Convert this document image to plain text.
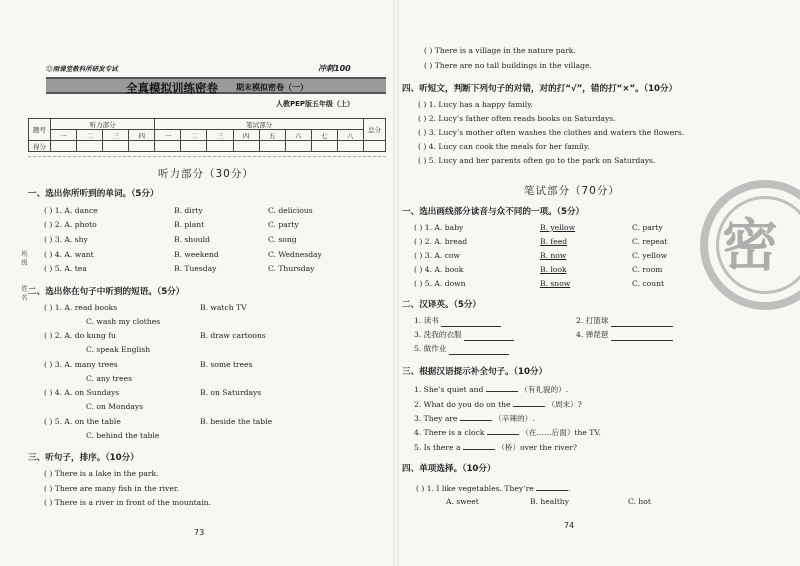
班 级
姓 名
☺雨课堂教科所研发专试	冲刺100
全真模拟训练密卷 期末模拟密卷（一）
人教PEP版五年级（上）
题号	听力部分				笔试部分								总分
	一	二	三	四	一	二	三	四	五	六	七	八	
得分													
听力部分（30分）
一、选出你所听到的单词。（5分）
( ) 1. A. dance	B. dirty	C. delicious
( ) 2. A. photo	B. plant	C. party
( ) 3. A. shy	B. should	C. song
( ) 4. A. want	B. weekend	C. Wednesday
( ) 5. A. tea	B. Tuesday	C. Thursday
二、选出你在句子中听到的短语。（5分）
( ) 1. A. read books	B. watch TV
C. wash my clothes
( ) 2. A. do kung fu	B. draw cartoons
C. speak English
( ) 3. A. many trees	B. some trees
C. any trees
( ) 4. A. on Sundays	B. on Saturdays
C. on Mondays
( ) 5. A. on the table	B. beside the table
C. behind the table
三、听句子，排序。（10分）
( ) There is a lake in the park.
( ) There are many fish in the river.
( ) There is a river in front of the mountain.
73
( ) There is a village in the nature park.
( ) There are no tall buildings in the village.
四、听短文，判断下列句子的对错，对的打“√”，错的打“×”。（10分）
( ) 1. Lucy has a happy family.
( ) 2. Lucy’s father often reads books on Saturdays.
( ) 3. Lucy’s mother often washes the clothes and waters the flowers.
( ) 4. Lucy can cook the meals for her family.
( ) 5. Lucy and her parents often go to the park on Saturdays.
笔试部分（70分）
一、选出画线部分读音与众不同的一项。（5分）
( ) 1. A. baby	B. yellow	C. party
( ) 2. A. bread	B. feed	C. repeat
( ) 3. A. cow	B. now	C. yellow
( ) 4. A. book	B. look	C. room
( ) 5. A. down	B. snow	C. count
二、汉译英。（5分）
1. 读书	2. 打篮球
3. 洗我的衣服	4. 弹琵琶
5. 做作业
三、根据汉语提示补全句子。（10分）
1. She’s quiet and	（有礼貌的）.
2. What do you do on the	（周末）?
3. They are	（辛辣的）.
4. There is a clock	（在……后面）the TV.
5. Is there a	（桥）over the river?
四、单项选择。（10分）
( ) 1. I like vegetables. They’re	.
A. sweet	B. healthy	C. hot
74
密
